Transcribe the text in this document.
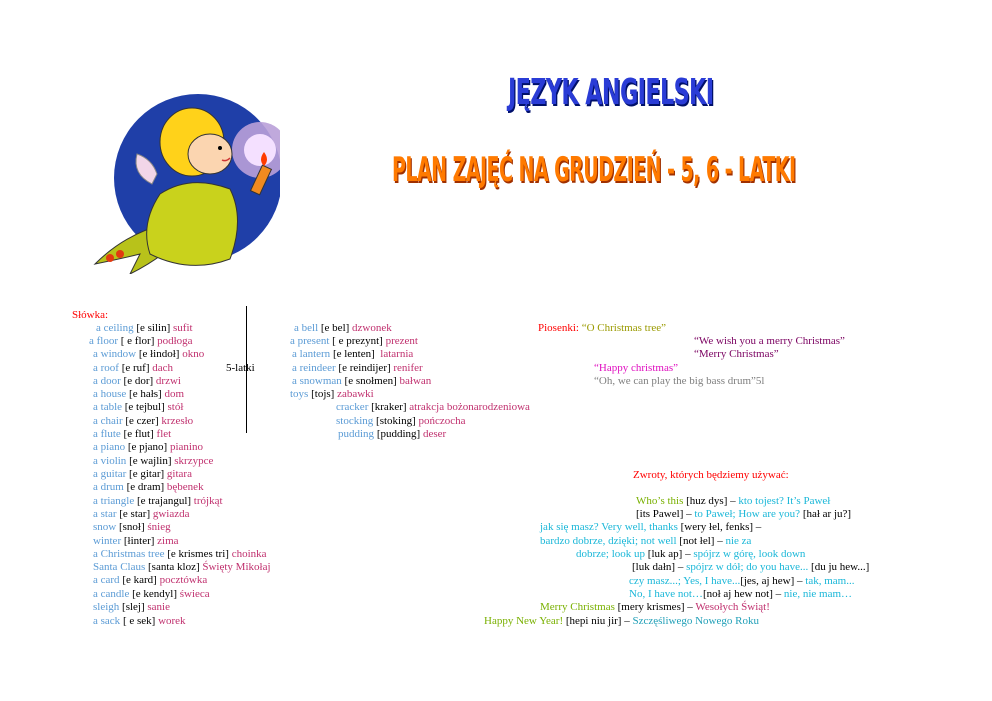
JĘZYK ANGIELSKI
PLAN ZAJĘĆ NA GRUDZIEŃ - 5, 6 - LATKI
Słówka:
5-latki
a ceiling [e silin] sufit
a floor [ e flor] podłoga
a window [e łindoł] okno
a roof [e ruf] dach
a door [e dor] drzwi
a house [e hałs] dom
a table [e tejbul] stół
a chair [e czer] krzesło
a flute [e flut] flet
a piano [e pjano] pianino
a violin [e wajlin] skrzypce
a guitar [e gitar] gitara
a drum [e dram] bębenek
a triangle [e trajangul] trójkąt
a star [e star] gwiazda
snow [snoł] śnieg
winter [łinter] zima
a Christmas tree [e krismes tri] choinka
Santa Claus [santa kloz] Święty Mikołaj
a card [e kard] pocztówka
a candle [e kendyl] świeca
sleigh [slej] sanie
a sack [ e sek] worek
a bell [e bel] dzwonek
a present [ e prezynt] prezent
a lantern [e lenten] latarnia
a reindeer [e reindijer] renifer
a snowman [e snołmen] bałwan
toys [tojs] zabawki
cracker [kraker] atrakcja bożonarodzeniowa
stocking [stoking] pończocha
pudding [pudding] deser
Piosenki: “O Christmas tree”
“We wish you a merry Christmas”
“Merry Christmas”
“Happy christmas”
“Oh, we can play the big bass drum”5l
Zwroty, których będziemy używać:
Who’s this [huz dys] – kto tojest? It’s Paweł
[its Pawel] – to Paweł; How are you? [hał ar ju?]
jak się masz? Very well, thanks [wery łel, fenks] –
bardzo dobrze, dzięki; not well [not łel] – nie za
dobrze; look up [luk ap] – spójrz w górę, look down
[luk dałn] – spójrz w dół; do you have... [du ju hew...]
czy masz...; Yes, I have...[jes, aj hew] – tak, mam...
No, I have not…[noł aj hew not] – nie, nie mam…
Merry Christmas [mery krismes] – Wesołych Świąt!
Happy New Year! [hepi niu jir] – Szczęśliwego Nowego Roku
